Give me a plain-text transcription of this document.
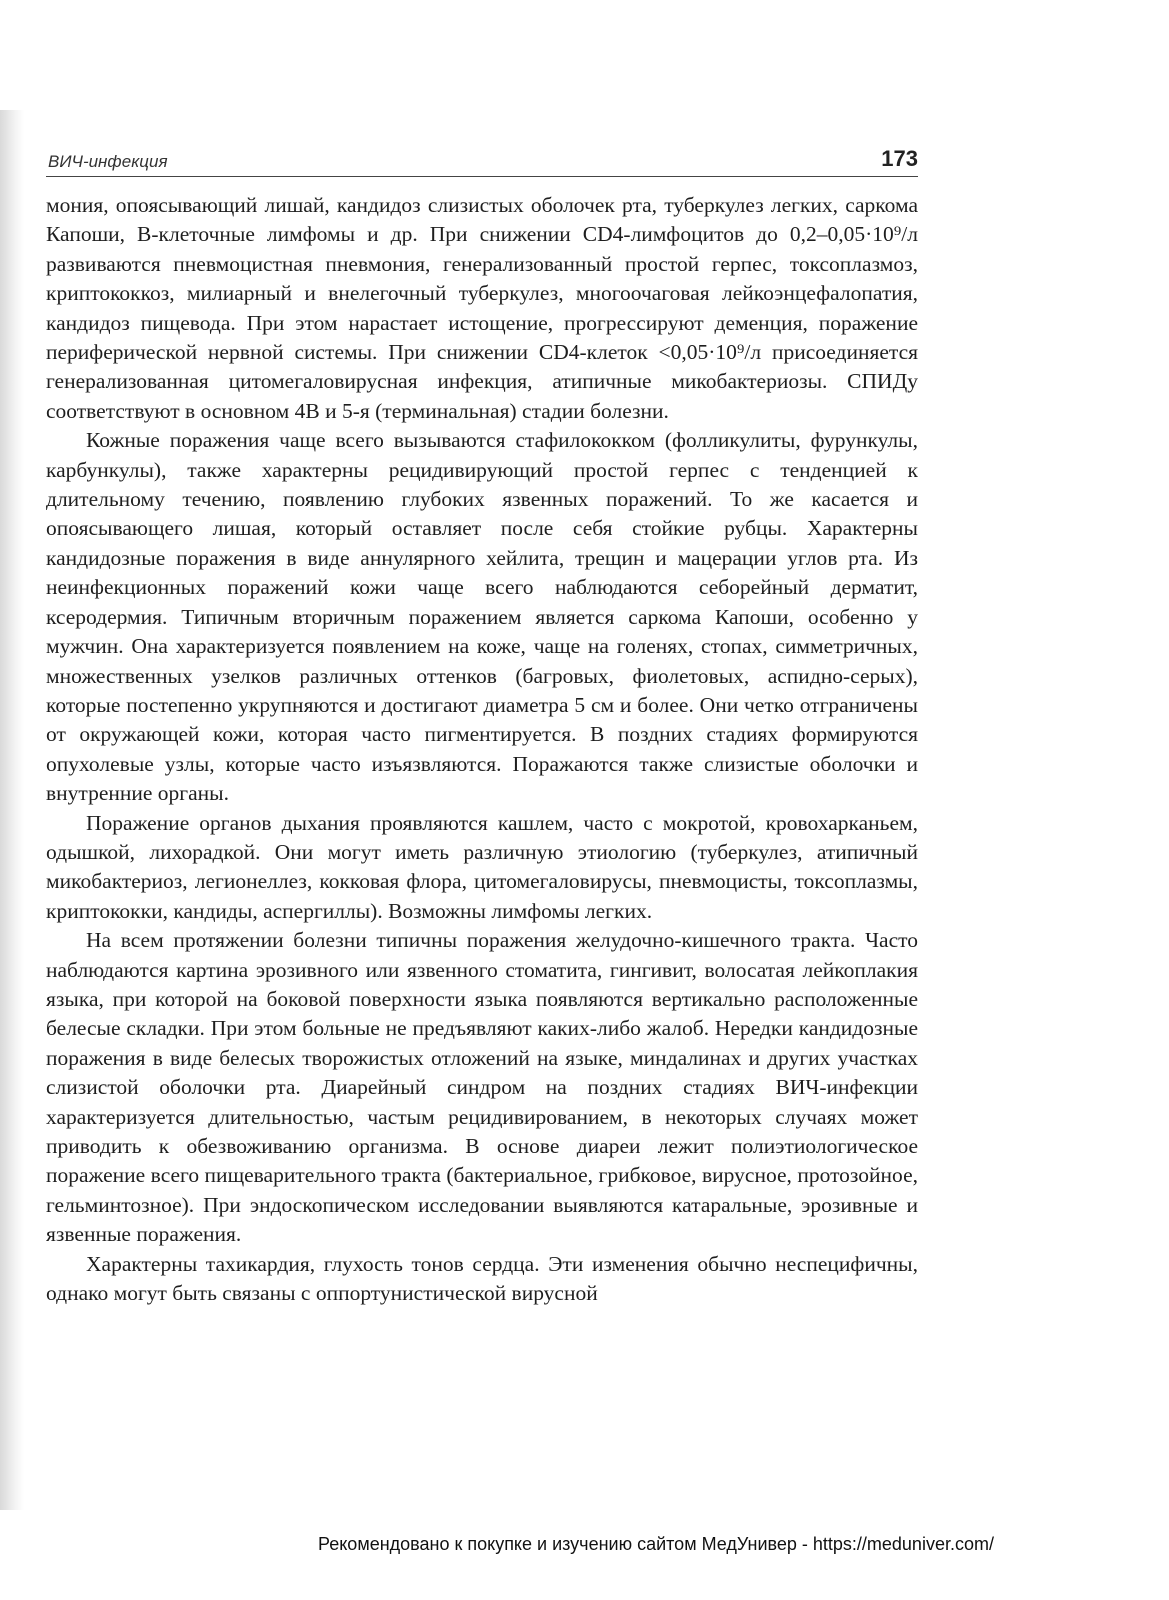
ВИЧ-инфекция	173

мония, опоясывающий лишай, кандидоз слизистых оболочек рта, туберкулез легких, саркома Капоши, В-клеточные лимфомы и др. При снижении CD4-лимфоцитов до 0,2–0,05·10⁹/л развиваются пневмоцистная пневмония, генерализованный простой герпес, токсоплазмоз, криптококкоз, милиарный и внелегочный туберкулез, многоочаговая лейкоэнцефалопатия, кандидоз пищевода. При этом нарастает истощение, прогрессируют деменция, поражение периферической нервной системы. При снижении CD4-клеток <0,05·10⁹/л присоединяется генерализованная цитомегаловирусная инфекция, атипичные микобактериозы. СПИДу соответствуют в основном 4В и 5-я (терминальная) стадии болезни.

Кожные поражения чаще всего вызываются стафилококком (фолликулиты, фурункулы, карбункулы), также характерны рецидивирующий простой герпес с тенденцией к длительному течению, появлению глубоких язвенных поражений. То же касается и опоясывающего лишая, который оставляет после себя стойкие рубцы. Характерны кандидозные поражения в виде аннулярного хейлита, трещин и мацерации углов рта. Из неинфекционных поражений кожи чаще всего наблюдаются себорейный дерматит, ксеродермия. Типичным вторичным поражением является саркома Капоши, особенно у мужчин. Она характеризуется появлением на коже, чаще на голенях, стопах, симметричных, множественных узелков различных оттенков (багровых, фиолетовых, аспидно-серых), которые постепенно укрупняются и достигают диаметра 5 см и более. Они четко отграничены от окружающей кожи, которая часто пигментируется. В поздних стадиях формируются опухолевые узлы, которые часто изъязвляются. Поражаются также слизистые оболочки и внутренние органы.

Поражение органов дыхания проявляются кашлем, часто с мокротой, кровохарканьем, одышкой, лихорадкой. Они могут иметь различную этиологию (туберкулез, атипичный микобактериоз, легионеллез, кокковая флора, цитомегаловирусы, пневмоцисты, токсоплазмы, криптококки, кандиды, аспергиллы). Возможны лимфомы легких.

На всем протяжении болезни типичны поражения желудочно-кишечного тракта. Часто наблюдаются картина эрозивного или язвенного стоматита, гингивит, волосатая лейкоплакия языка, при которой на боковой поверхности языка появляются вертикально расположенные белесые складки. При этом больные не предъявляют каких-либо жалоб. Нередки кандидозные поражения в виде белесых творожистых отложений на языке, миндалинах и других участках слизистой оболочки рта. Диарейный синдром на поздних стадиях ВИЧ-инфекции характеризуется длительностью, частым рецидивированием, в некоторых случаях может приводить к обезвоживанию организма. В основе диареи лежит полиэтиологическое поражение всего пищеварительного тракта (бактериальное, грибковое, вирусное, протозойное, гельминтозное). При эндоскопическом исследовании выявляются катаральные, эрозивные и язвенные поражения.

Характерны тахикардия, глухость тонов сердца. Эти изменения обычно неспецифичны, однако могут быть связаны с оппортунистической вирусной

Рекомендовано к покупке и изучению сайтом МедУнивер - https://meduniver.com/
